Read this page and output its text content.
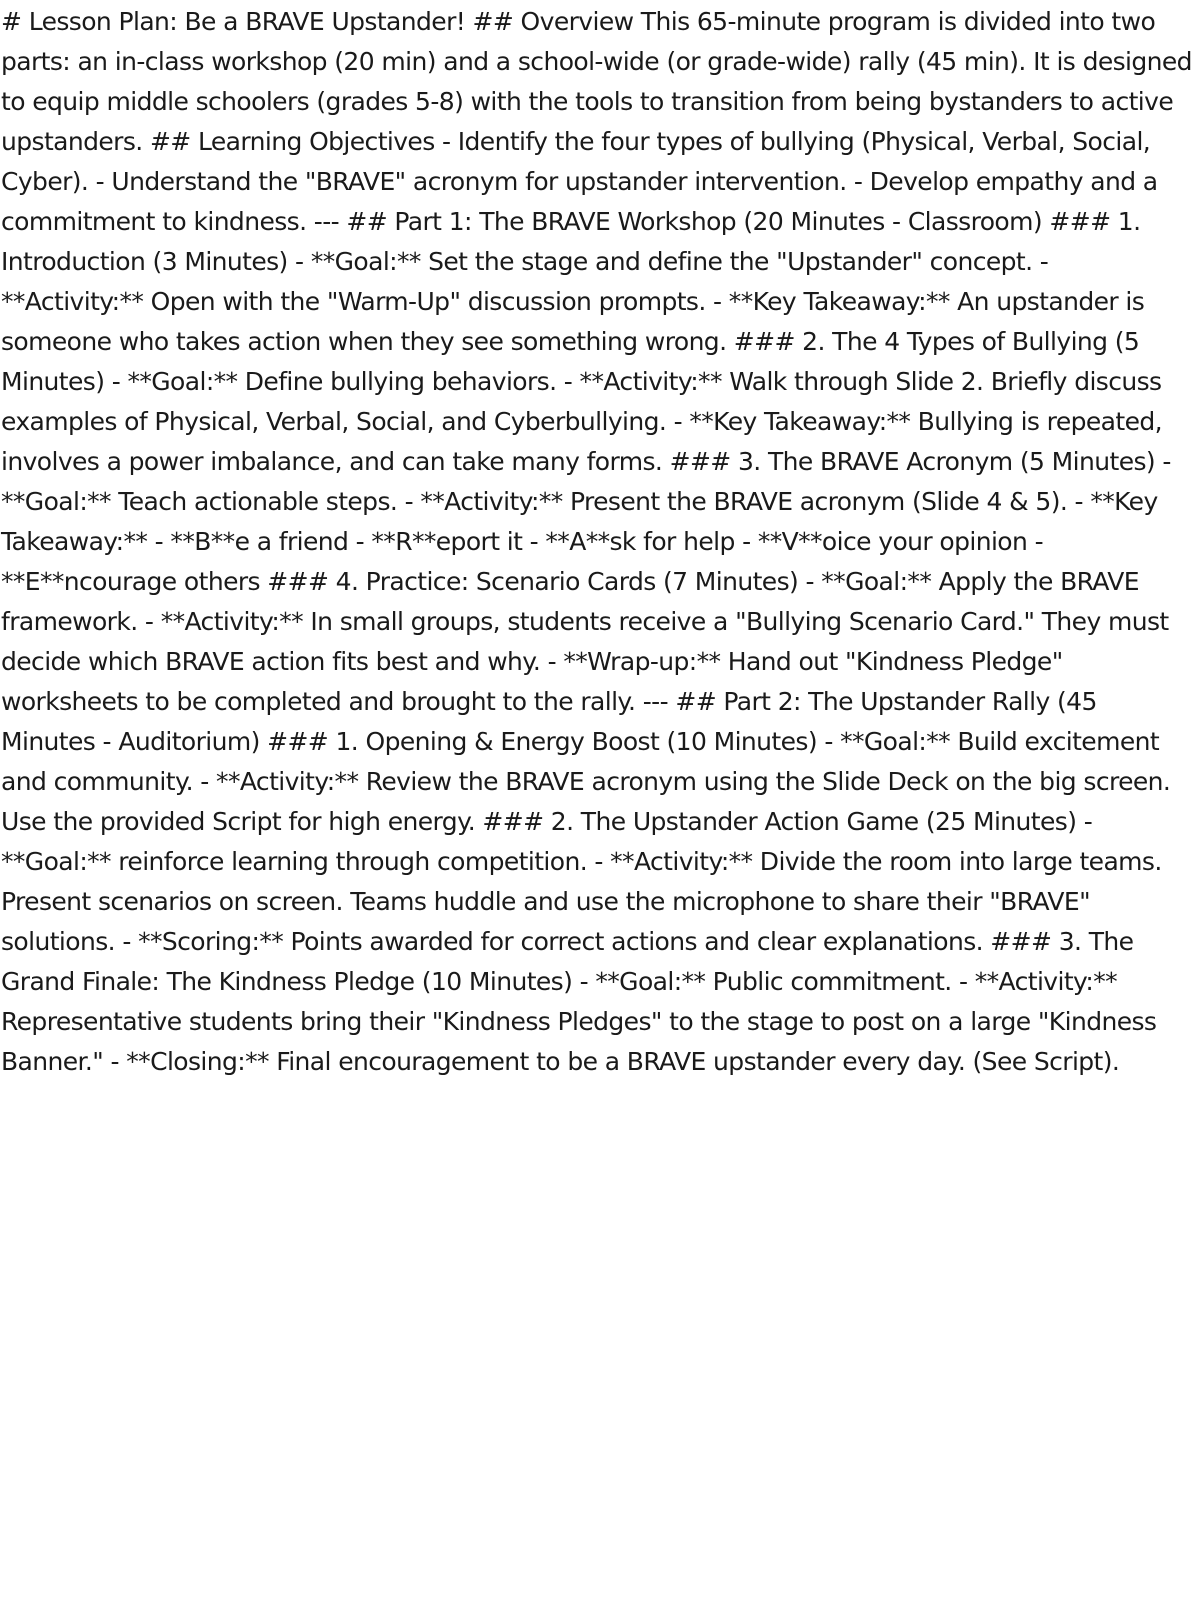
# Lesson Plan: Be a BRAVE Upstander! ## Overview This 65-minute program is divided into two parts: an in-class workshop (20 min) and a school-wide (or grade-wide) rally (45 min). It is designed to equip middle schoolers (grades 5-8) with the tools to transition from being bystanders to active upstanders. ## Learning Objectives - Identify the four types of bullying (Physical, Verbal, Social, Cyber). - Understand the "BRAVE" acronym for upstander intervention. - Develop empathy and a commitment to kindness. --- ## Part 1: The BRAVE Workshop (20 Minutes - Classroom) ### 1. Introduction (3 Minutes) - **Goal:** Set the stage and define the "Upstander" concept. - **Activity:** Open with the "Warm-Up" discussion prompts. - **Key Takeaway:** An upstander is someone who takes action when they see something wrong. ### 2. The 4 Types of Bullying (5 Minutes) - **Goal:** Define bullying behaviors. - **Activity:** Walk through Slide 2. Briefly discuss examples of Physical, Verbal, Social, and Cyberbullying. - **Key Takeaway:** Bullying is repeated, involves a power imbalance, and can take many forms. ### 3. The BRAVE Acronym (5 Minutes) - **Goal:** Teach actionable steps. - **Activity:** Present the BRAVE acronym (Slide 4 & 5). - **Key Takeaway:** - **B**e a friend - **R**eport it - **A**sk for help - **V**oice your opinion - **E**ncourage others ### 4. Practice: Scenario Cards (7 Minutes) - **Goal:** Apply the BRAVE framework. - **Activity:** In small groups, students receive a "Bullying Scenario Card." They must decide which BRAVE action fits best and why. - **Wrap-up:** Hand out "Kindness Pledge" worksheets to be completed and brought to the rally. --- ## Part 2: The Upstander Rally (45 Minutes - Auditorium) ### 1. Opening & Energy Boost (10 Minutes) - **Goal:** Build excitement and community. - **Activity:** Review the BRAVE acronym using the Slide Deck on the big screen. Use the provided Script for high energy. ### 2. The Upstander Action Game (25 Minutes) - **Goal:** reinforce learning through competition. - **Activity:** Divide the room into large teams. Present scenarios on screen. Teams huddle and use the microphone to share their "BRAVE" solutions. - **Scoring:** Points awarded for correct actions and clear explanations. ### 3. The Grand Finale: The Kindness Pledge (10 Minutes) - **Goal:** Public commitment. - **Activity:** Representative students bring their "Kindness Pledges" to the stage to post on a large "Kindness Banner." - **Closing:** Final encouragement to be a BRAVE upstander every day. (See Script).
